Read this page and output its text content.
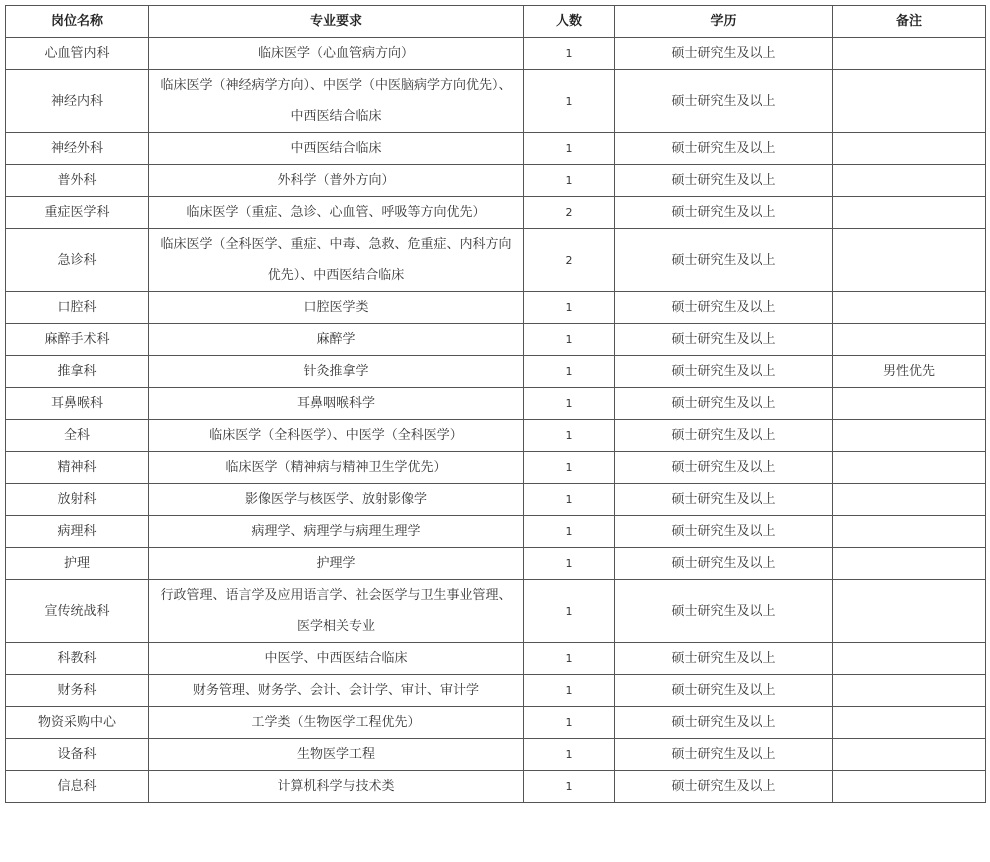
岗位名称	专业要求	人数	学历	备注
心血管内科	临床医学（心血管病方向）	1	硕士研究生及以上	
神经内科	临床医学（神经病学方向）、中医学（中医脑病学方向优先）、中西医结合临床	1	硕士研究生及以上	
神经外科	中西医结合临床	1	硕士研究生及以上	
普外科	外科学（普外方向）	1	硕士研究生及以上	
重症医学科	临床医学（重症、急诊、心血管、呼吸等方向优先）	2	硕士研究生及以上	
急诊科	临床医学（全科医学、重症、中毒、急救、危重症、内科方向优先）、中西医结合临床	2	硕士研究生及以上	
口腔科	口腔医学类	1	硕士研究生及以上	
麻醉手术科	麻醉学	1	硕士研究生及以上	
推拿科	针灸推拿学	1	硕士研究生及以上	男性优先
耳鼻喉科	耳鼻咽喉科学	1	硕士研究生及以上	
全科	临床医学（全科医学）、中医学（全科医学）	1	硕士研究生及以上	
精神科	临床医学（精神病与精神卫生学优先）	1	硕士研究生及以上	
放射科	影像医学与核医学、放射影像学	1	硕士研究生及以上	
病理科	病理学、病理学与病理生理学	1	硕士研究生及以上	
护理	护理学	1	硕士研究生及以上	
宣传统战科	行政管理、语言学及应用语言学、社会医学与卫生事业管理、医学相关专业	1	硕士研究生及以上	
科教科	中医学、中西医结合临床	1	硕士研究生及以上	
财务科	财务管理、财务学、会计、会计学、审计、审计学	1	硕士研究生及以上	
物资采购中心	工学类（生物医学工程优先）	1	硕士研究生及以上	
设备科	生物医学工程	1	硕士研究生及以上	
信息科	计算机科学与技术类	1	硕士研究生及以上	
